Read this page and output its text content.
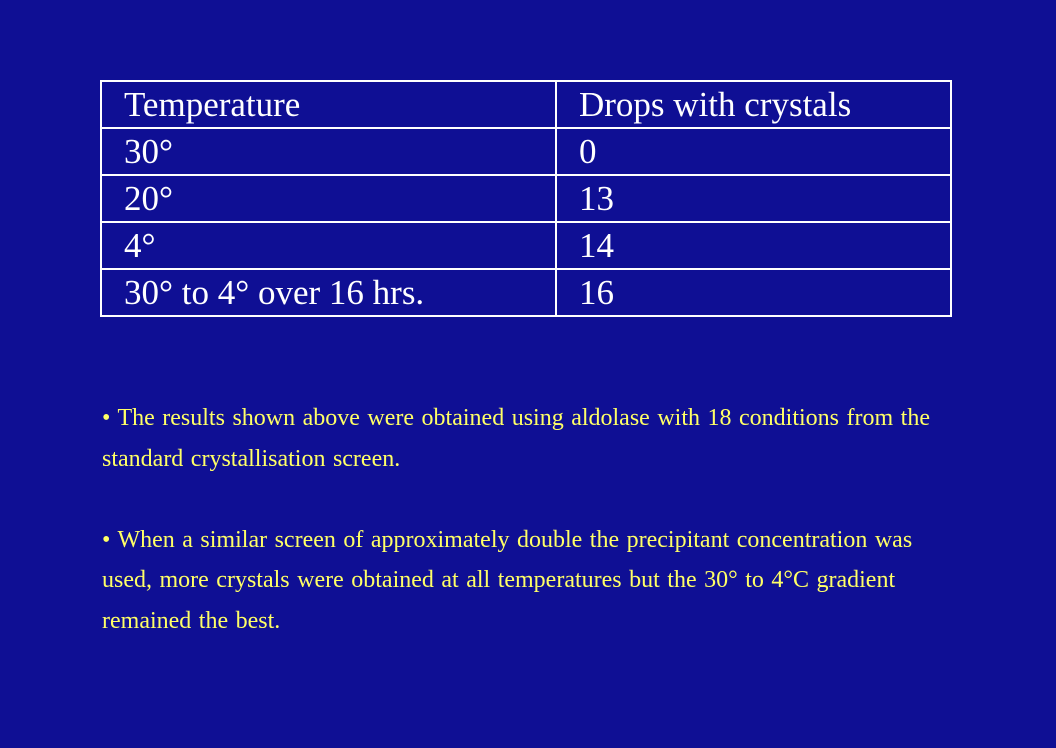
Temperature	Drops with crystals
30°	0
20°	13
4°	14
30° to 4° over 16 hrs.	16

• The results shown above were obtained using aldolase with 18 conditions from the standard crystallisation screen.

• When a similar screen of approximately double the precipitant concentration was used, more crystals were obtained at all temperatures but the 30° to 4°C gradient remained the best.
